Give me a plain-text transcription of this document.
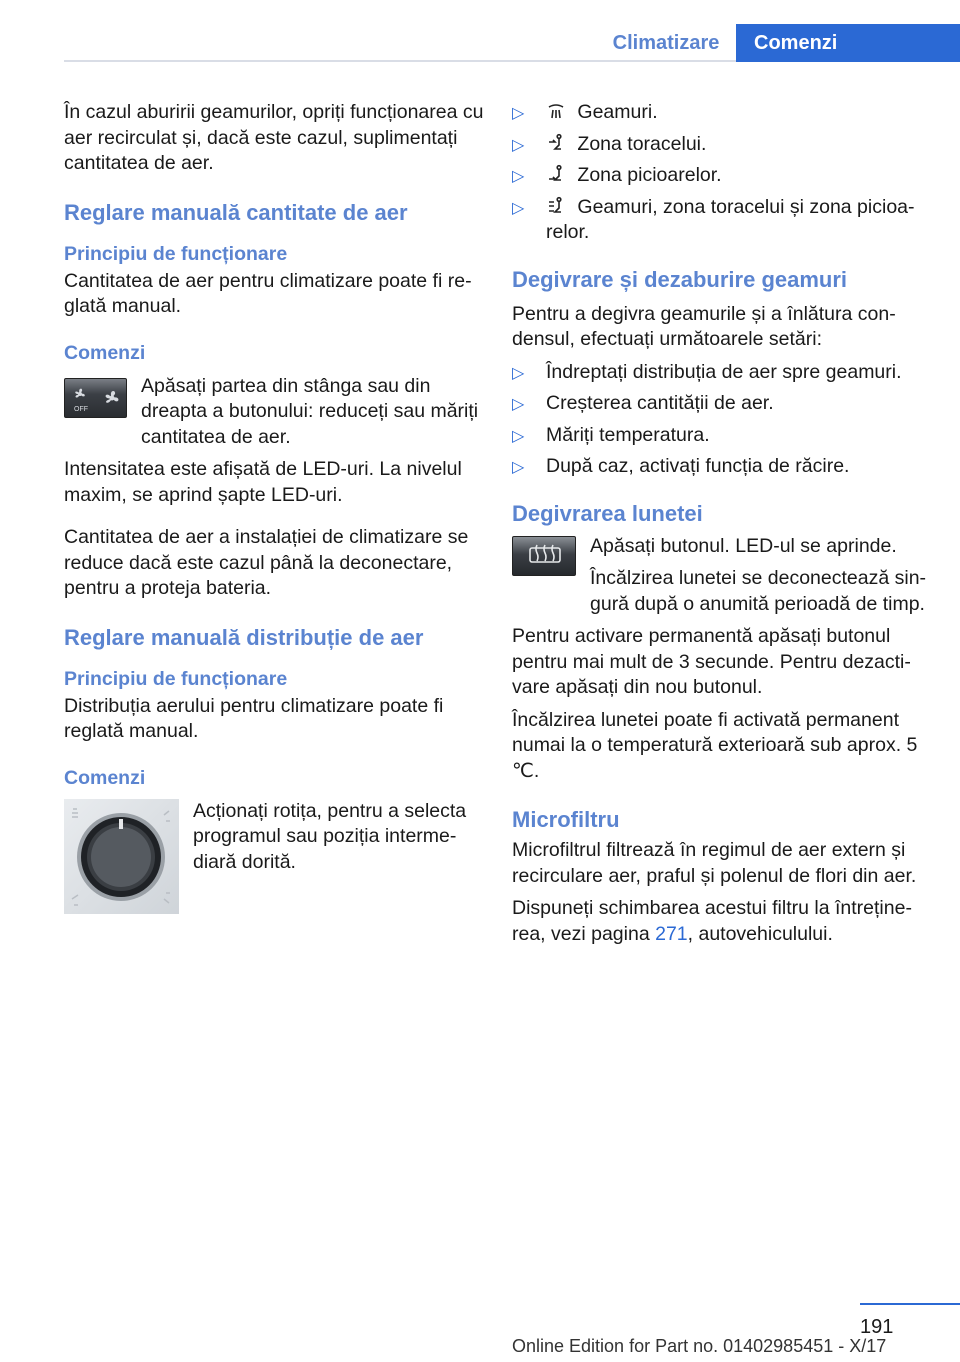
Climatizare	Comenzi

În cazul aburirii geamurilor, opriți funcționarea cu aer recirculat și, dacă este cazul, suplimentați cantitatea de aer.

Reglare manuală cantitate de aer
Principiu de funcționare

Cantitatea de aer pentru climatizare poate fi reglată manual.

Comenzi
OFF

Apăsați partea din stânga sau din dreapta a butonului: reduceți sau măriți cantitatea de aer.

Intensitatea este afișată de LED-uri. La nivelul maxim, se aprind șapte LED-uri.

Cantitatea de aer a instalației de climatizare se reduce dacă este cazul până la deconectare, pentru a proteja bateria.

Reglare manuală distribuție de aer
Principiu de funcționare

Distribuția aerului pentru climatizare poate fi reglată manual.

Comenzi

Acționați rotița, pentru a selecta programul sau poziția intermediară dorită.

▷	Geamuri.
▷	Zona toracelui.
▷	Zona picioarelor.
▷	Geamuri, zona toracelui și zona picioarelor.
Degivrare și dezaburire geamuri

Pentru a degivra geamurile și a înlătura condensul, efectuați următoarele setări:

▷ Îndreptați distribuția de aer spre geamuri.
▷ Creșterea cantității de aer.
▷ Măriți temperatura.
▷ După caz, activați funcția de răcire.
Degivrarea lunetei

Apăsați butonul. LED-ul se aprinde.

Încălzirea lunetei se deconectează singură după o anumită perioadă de timp.

Pentru activare permanentă apăsați butonul pentru mai mult de 3 secunde. Pentru dezactivare apăsați din nou butonul.

Încălzirea lunetei poate fi activată permanent numai la o temperatură exterioară sub aprox. 5 ℃.

Microfiltru

Microfiltrul filtrează în regimul de aer extern și recirculare aer, praful și polenul de flori din aer.

Dispuneți schimbarea acestui filtru la întreținerea, vezi pagina 271, autovehiculului.

191
Online Edition for Part no. 01402985451 - X/17
